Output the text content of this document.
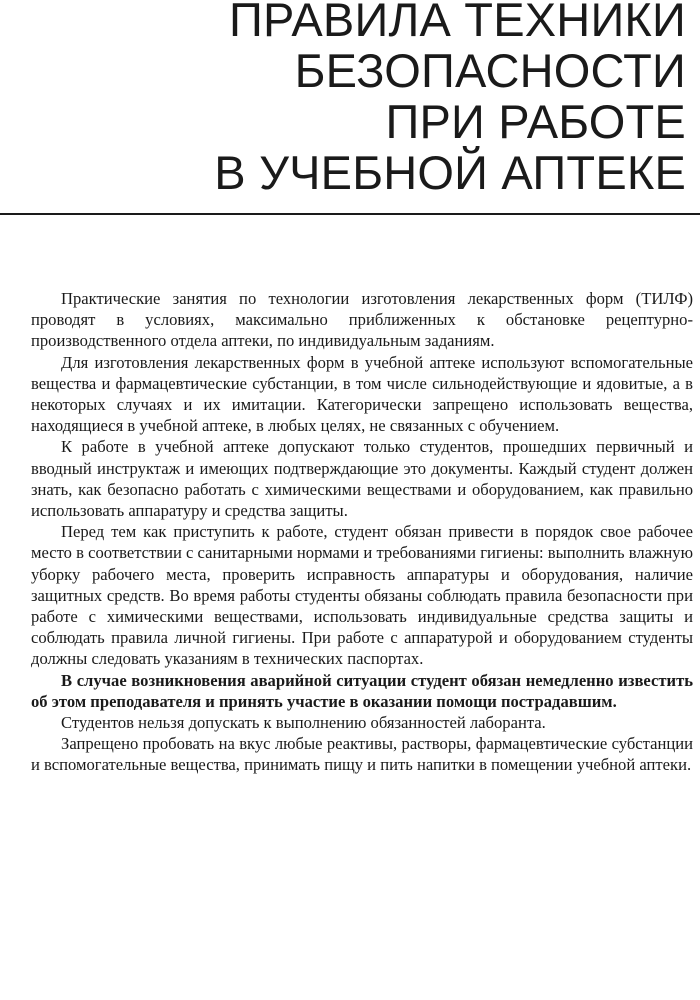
ПРАВИЛА ТЕХНИКИ
БЕЗОПАСНОСТИ
ПРИ РАБОТЕ
В УЧЕБНОЙ АПТЕКЕ

Практические занятия по технологии изготовления лекарственных форм (ТИЛФ) проводят в условиях, максимально приближенных к обстановке рецептурно-производственного отдела аптеки, по индивидуальным заданиям.

Для изготовления лекарственных форм в учебной аптеке используют вспомогательные вещества и фармацевтические субстанции, в том числе сильнодействующие и ядовитые, а в некоторых случаях и их имитации. Категорически запрещено использовать вещества, находящиеся в учебной аптеке, в любых целях, не связанных с обучением.

К работе в учебной аптеке допускают только студентов, прошедших первичный и вводный инструктаж и имеющих подтверждающие это документы. Каждый студент должен знать, как безопасно работать с химическими веществами и оборудованием, как правильно использовать аппаратуру и средства защиты.

Перед тем как приступить к работе, студент обязан привести в порядок свое рабочее место в соответствии с санитарными нормами и требованиями гигиены: выполнить влажную уборку рабочего места, проверить исправность аппаратуры и оборудования, наличие защитных средств. Во время работы студенты обязаны соблюдать правила безопасности при работе с химическими веществами, использовать индивидуальные средства защиты и соблюдать правила личной гигиены. При работе с аппаратурой и оборудованием студенты должны следовать указаниям в технических паспортах.

В случае возникновения аварийной ситуации студент обязан немедленно известить об этом преподавателя и принять участие в оказании помощи пострадавшим.

Студентов нельзя допускать к выполнению обязанностей лаборанта.

Запрещено пробовать на вкус любые реактивы, растворы, фармацевтические субстанции и вспомогательные вещества, принимать пищу и пить напитки в помещении учебной аптеки.
